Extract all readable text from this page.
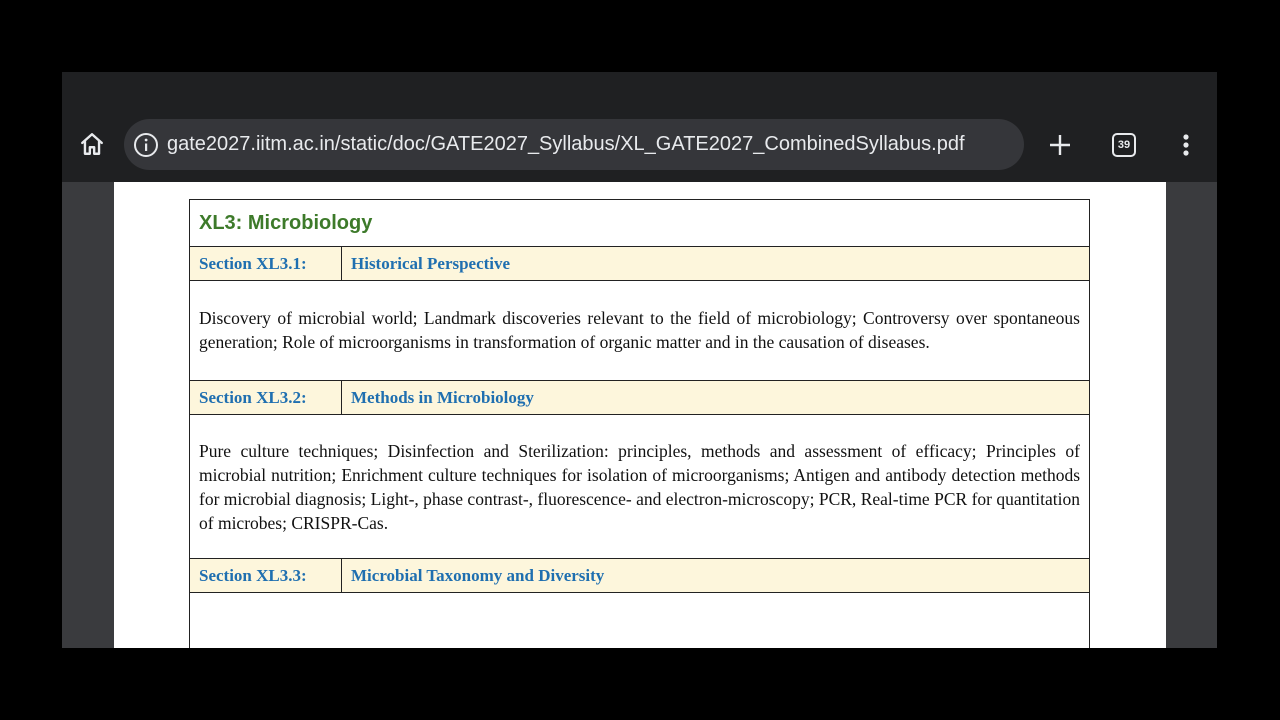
gate2027.iitm.ac.in/static/doc/GATE2027_Syllabus/XL_GATE2027_CombinedSyllabus.pdf	39
XL3: Microbiology
Section XL3.1:	Historical Perspective
Discovery of microbial world; Landmark discoveries relevant to the field of microbiology; Controversy over spontaneous generation; Role of microorganisms in transformation of organic matter and in the causation of diseases.
Section XL3.2:	Methods in Microbiology
Pure culture techniques; Disinfection and Sterilization: principles, methods and assessment of efficacy; Principles of microbial nutrition; Enrichment culture techniques for isolation of microorganisms; Antigen and antibody detection methods for microbial diagnosis; Light-, phase contrast-, fluorescence- and electron-microscopy; PCR, Real-time PCR for quantitation of microbes; CRISPR-Cas.
Section XL3.3:	Microbial Taxonomy and Diversity
